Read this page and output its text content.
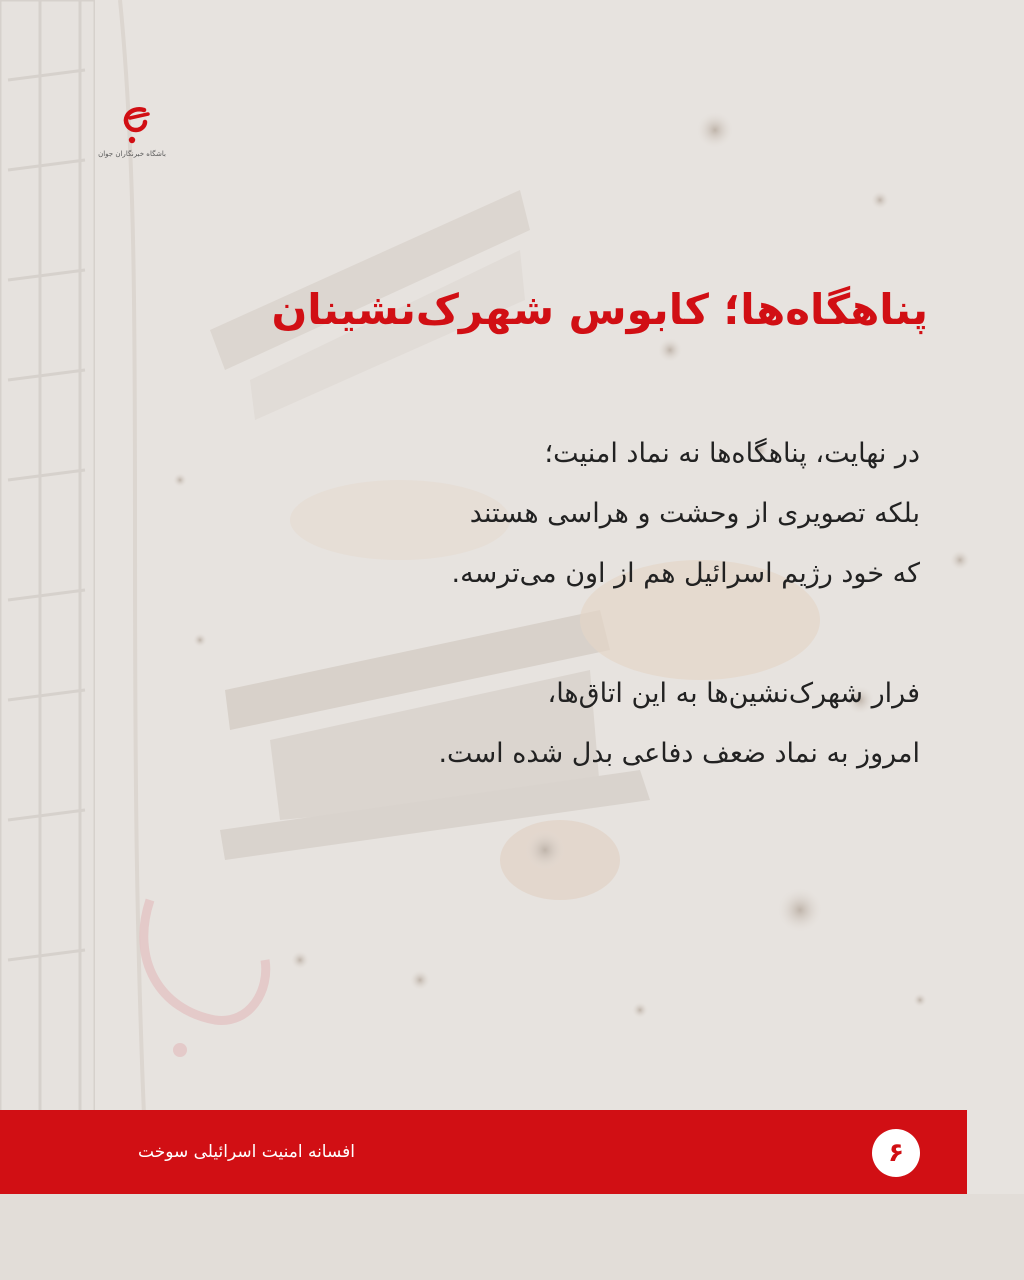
باشگاه خبرنگاران جوان
پناهگاه‌ها؛ کابوس شهرک‌نشینان

در نهایت، پناهگاه‌ها نه نماد امنیت؛

بلکه تصویری از وحشت و هراسی هستند

که خود رژیم اسرائیل هم از اون می‌ترسه.

فرار شهرک‌نشین‌ها به این اتاق‌ها،

امروز به نماد ضعف دفاعی بدل شده است.

افسانه امنیت اسرائیلی سوخت	۶
